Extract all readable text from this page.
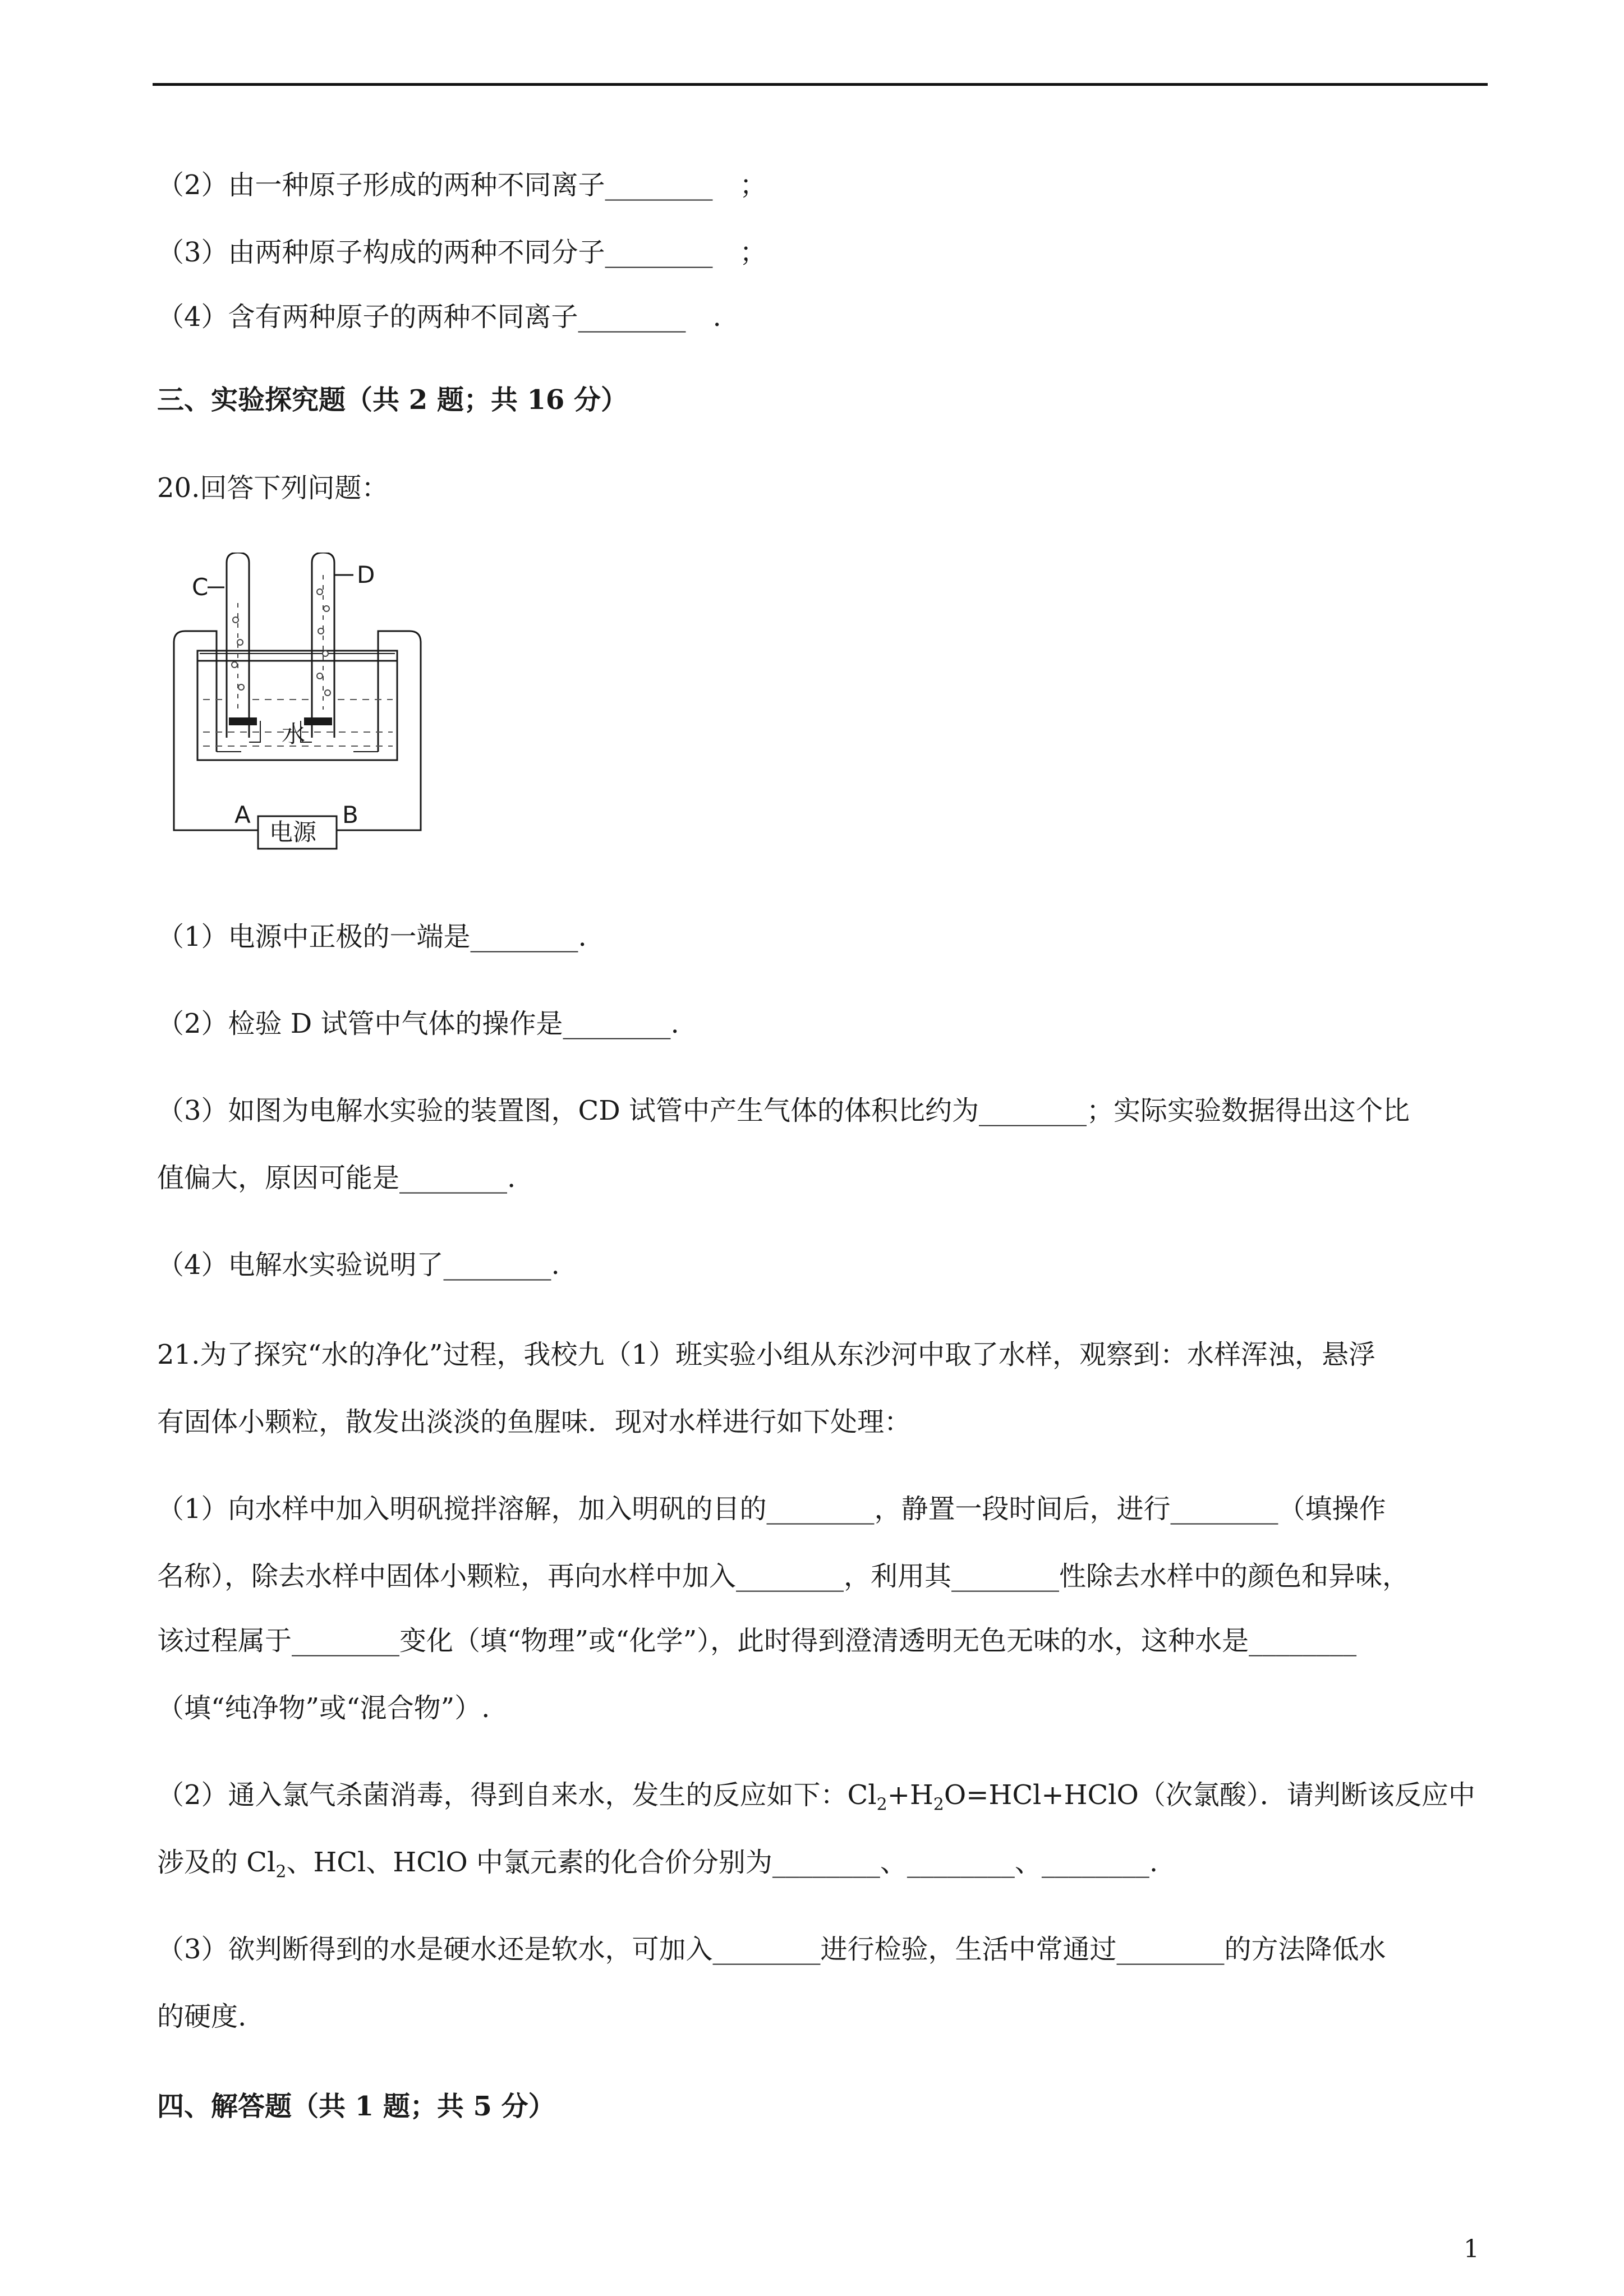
（2）由一种原子形成的两种不同离子________　；
（3）由两种原子构成的两种不同分子________　；
（4）含有两种原子的两种不同离子________　.
三、实验探究题（共 2 题；共 16 分）
20.回答下列问题：
C	D
水
A	B
电源
（1）电源中正极的一端是________.
（2）检验 D 试管中气体的操作是________.
（3）如图为电解水实验的装置图，CD 试管中产生气体的体积比约为________；实际实验数据得出这个比
值偏大，原因可能是________.
（4）电解水实验说明了________.
21.为了探究“水的净化”过程，我校九（1）班实验小组从东沙河中取了水样，观察到：水样浑浊，悬浮
有固体小颗粒，散发出淡淡的鱼腥味．现对水样进行如下处理：
（1）向水样中加入明矾搅拌溶解，加入明矾的目的________，静置一段时间后，进行________（填操作
名称），除去水样中固体小颗粒，再向水样中加入________，利用其________性除去水样中的颜色和异味，
该过程属于________变化（填“物理”或“化学”），此时得到澄清透明无色无味的水，这种水是________
（填“纯净物”或“混合物”）.
（2）通入氯气杀菌消毒，得到自来水，发生的反应如下：$Cl_2+H_2O=HCl+HClO$（次氯酸）．请判断该反应中
涉及的 $Cl_2$、HCl、HClO 中氯元素的化合价分别为________、________、________.
（3）欲判断得到的水是硬水还是软水，可加入________进行检验，生活中常通过________的方法降低水
的硬度.
四、解答题（共 1 题；共 5 分）
1
